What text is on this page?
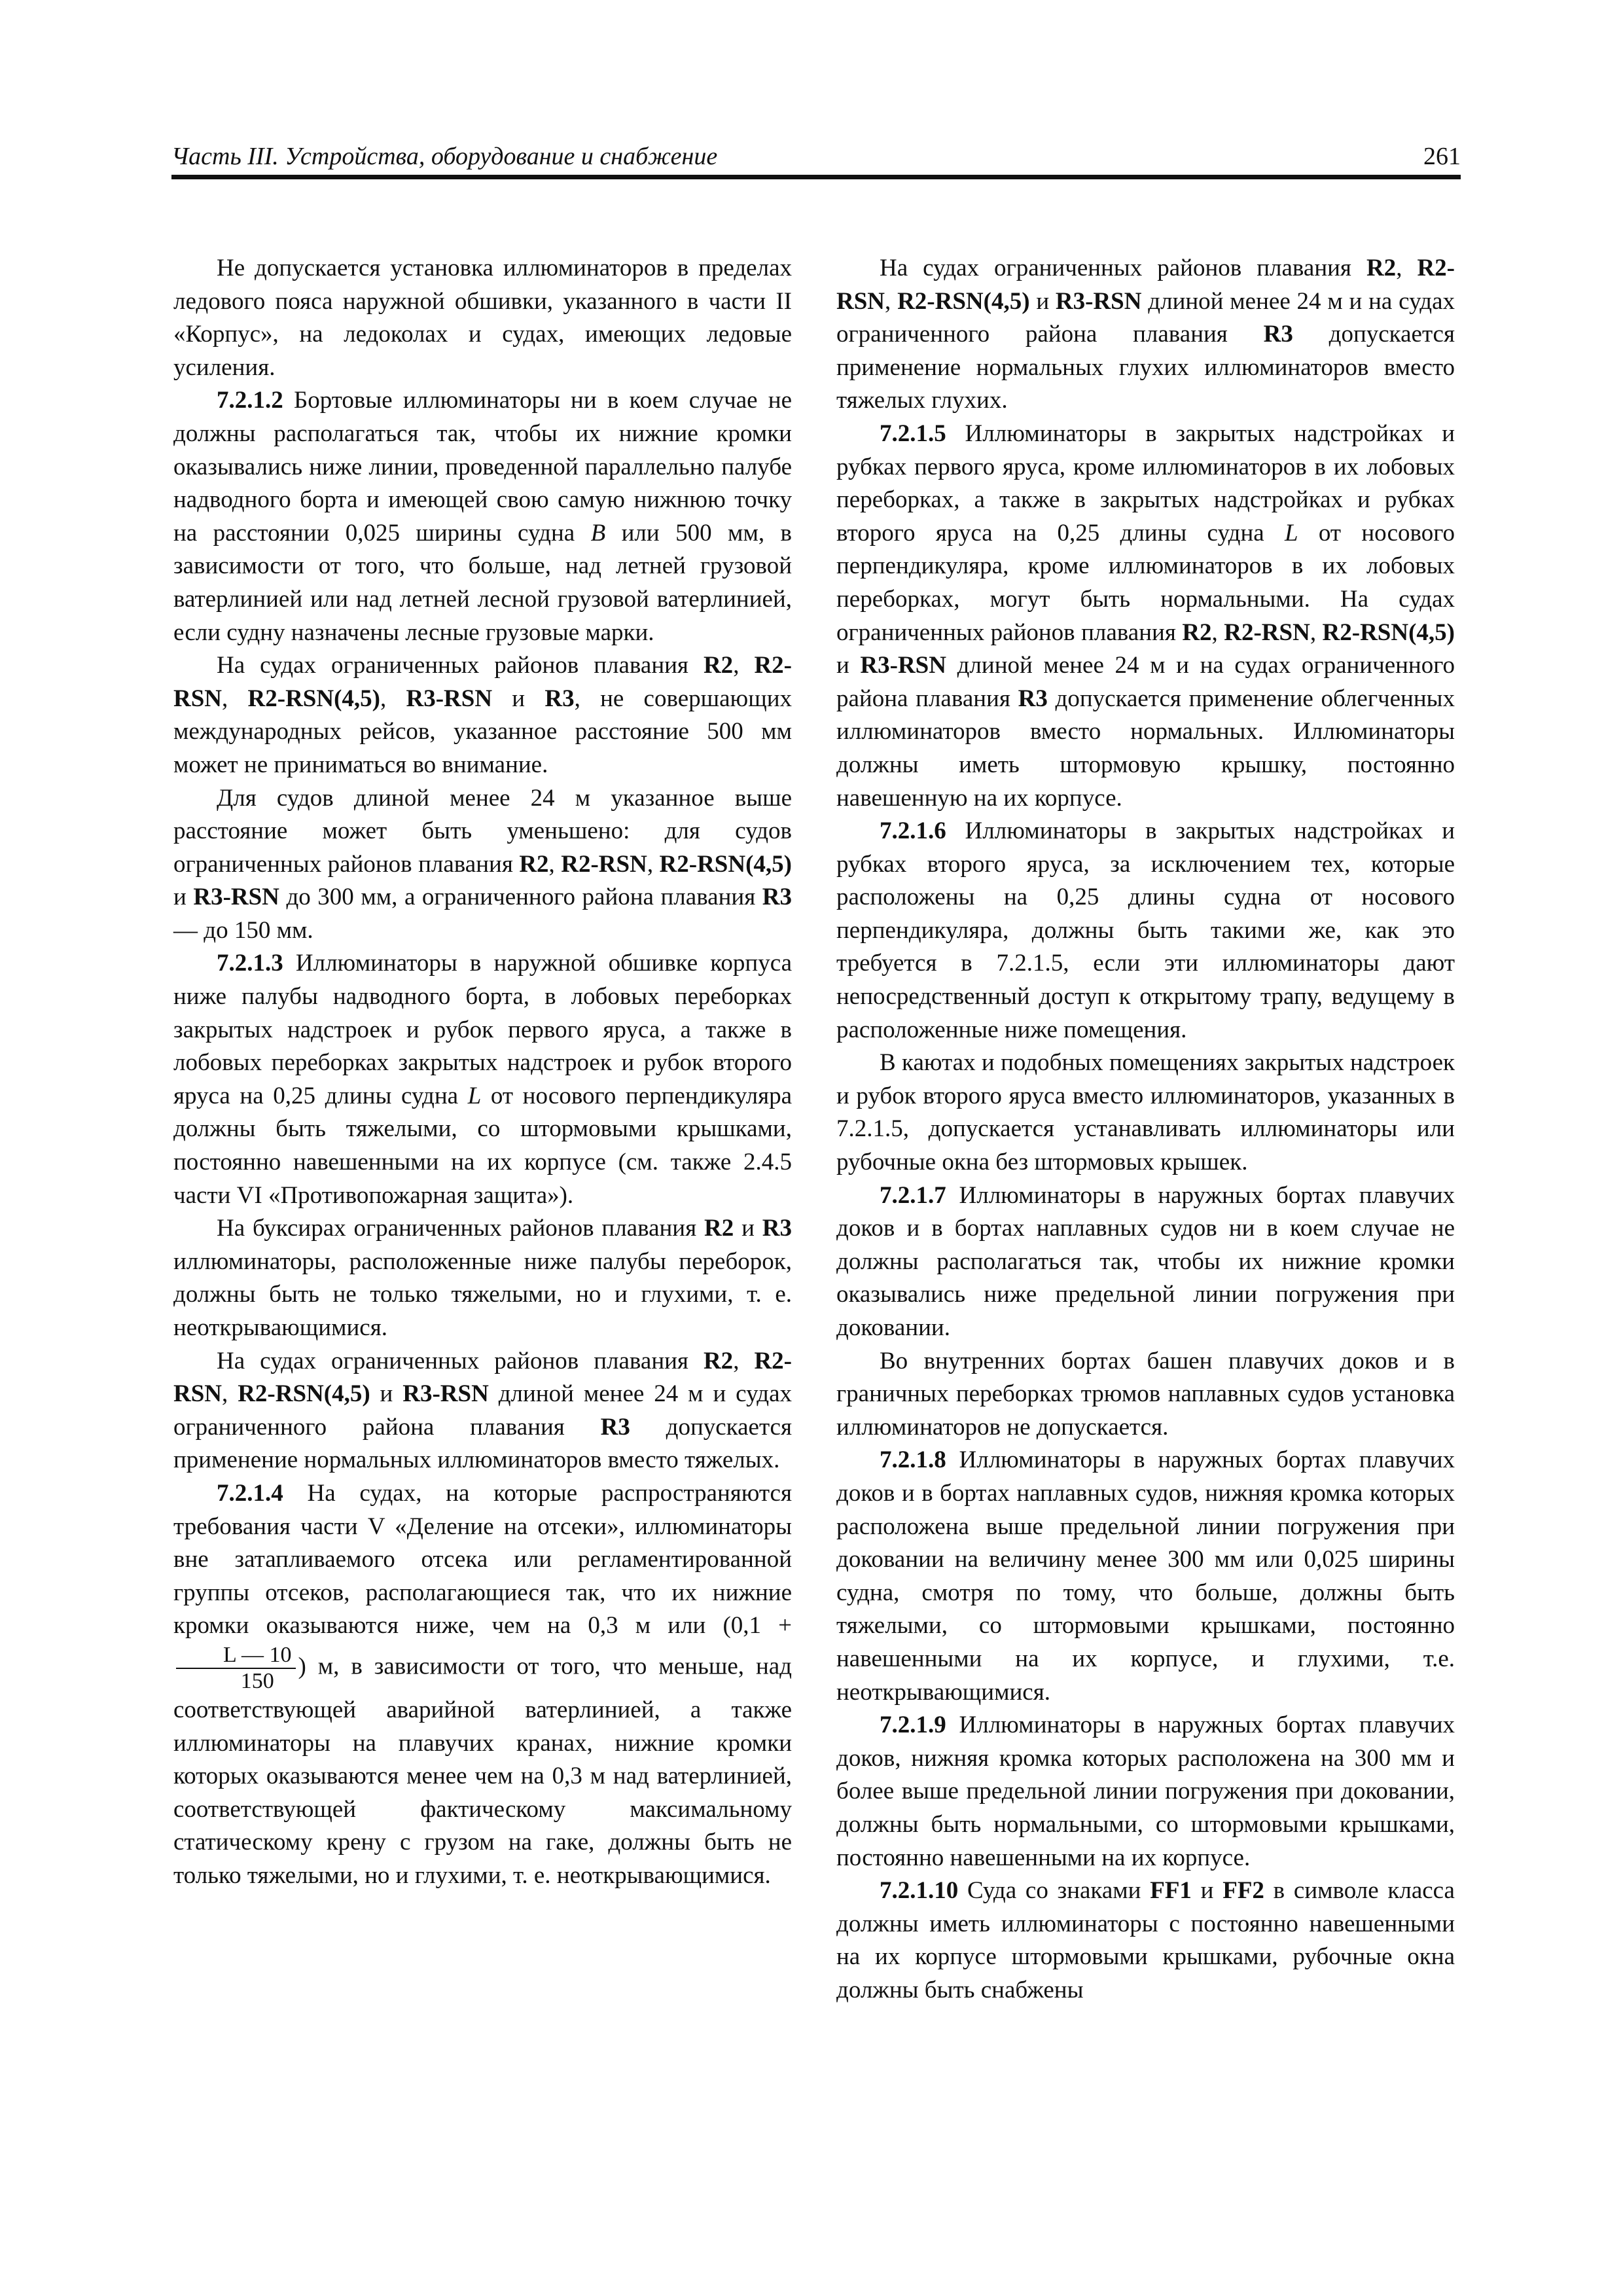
Часть III. Устройства, оборудование и снабжение	261

Не допускается установка иллюминаторов в пределах ледового пояса наружной обшивки, указанного в части II «Корпус», на ледоколах и судах, имеющих ледовые усиления.

7.2.1.2 Бортовые иллюминаторы ни в коем случае не должны располагаться так, чтобы их нижние кромки оказывались ниже линии, проведенной параллельно палубе надводного борта и имеющей свою самую нижнюю точку на расстоянии 0,025 ширины судна B или 500 мм, в зависимости от того, что больше, над летней грузовой ватерлинией или над летней лесной грузовой ватерлинией, если судну назначены лесные грузовые марки.

На судах ограниченных районов плавания R2, R2-RSN, R2-RSN(4,5), R3-RSN и R3, не совершающих международных рейсов, указанное расстояние 500 мм может не приниматься во внимание.

Для судов длиной менее 24 м указанное выше расстояние может быть уменьшено: для судов ограниченных районов плавания R2, R2-RSN, R2-RSN(4,5) и R3-RSN до 300 мм, а ограниченного района плавания R3 — до 150 мм.

7.2.1.3 Иллюминаторы в наружной обшивке корпуса ниже палубы надводного борта, в лобовых переборках закрытых надстроек и рубок первого яруса, а также в лобовых переборках закрытых надстроек и рубок второго яруса на 0,25 длины судна L от носового перпендикуляра должны быть тяжелыми, со штормовыми крышками, постоянно навешенными на их корпусе (см. также 2.4.5 части VI «Противопожарная защита»).

На буксирах ограниченных районов плавания R2 и R3 иллюминаторы, расположенные ниже палубы переборок, должны быть не только тяжелыми, но и глухими, т. е. неоткрывающимися.

На судах ограниченных районов плавания R2, R2-RSN, R2-RSN(4,5) и R3-RSN длиной менее 24 м и судах ограниченного района плавания R3 допускается применение нормальных иллюминаторов вместо тяжелых.

7.2.1.4 На судах, на которые распространяются требования части V «Деление на отсеки», иллюминаторы вне затапливаемого отсека или регламентированной группы отсеков, располагающиеся так, что их нижние кромки оказываются ниже, чем на 0,3 м или (0,1 +
$\frac{L — 10}{150}$ ) м, в зависимости от того, что меньше, над соответствующей аварийной ватерлинией, а также иллюминаторы на плавучих кранах, нижние кромки которых оказываются менее чем на 0,3 м над ватерлинией, соответствующей фактическому максимальному статическому крену с грузом на гаке, должны быть не только тяжелыми, но и глухими, т. е. неоткрывающимися.

На судах ограниченных районов плавания R2, R2-RSN, R2-RSN(4,5) и R3-RSN длиной менее 24 м и на судах ограниченного района плавания R3 допускается применение нормальных глухих иллюминаторов вместо тяжелых глухих.

7.2.1.5 Иллюминаторы в закрытых надстройках и рубках первого яруса, кроме иллюминаторов в их лобовых переборках, а также в закрытых надстройках и рубках второго яруса на 0,25 длины судна L от носового перпендикуляра, кроме иллюминаторов в их лобовых переборках, могут быть нормальными. На судах ограниченных районов плавания R2, R2-RSN, R2-RSN(4,5) и R3-RSN длиной менее 24 м и на судах ограниченного района плавания R3 допускается применение облегченных иллюминаторов вместо нормальных. Иллюминаторы должны иметь штормовую крышку, постоянно навешенную на их корпусе.

7.2.1.6 Иллюминаторы в закрытых надстройках и рубках второго яруса, за исключением тех, которые расположены на 0,25 длины судна от носового перпендикуляра, должны быть такими же, как это требуется в 7.2.1.5, если эти иллюминаторы дают непосредственный доступ к открытому трапу, ведущему в расположенные ниже помещения.

В каютах и подобных помещениях закрытых надстроек и рубок второго яруса вместо иллюминаторов, указанных в 7.2.1.5, допускается устанавливать иллюминаторы или рубочные окна без штормовых крышек.

7.2.1.7 Иллюминаторы в наружных бортах плавучих доков и в бортах наплавных судов ни в коем случае не должны располагаться так, чтобы их нижние кромки оказывались ниже предельной линии погружения при доковании.

Во внутренних бортах башен плавучих доков и в граничных переборках трюмов наплавных судов установка иллюминаторов не допускается.

7.2.1.8 Иллюминаторы в наружных бортах плавучих доков и в бортах наплавных судов, нижняя кромка которых расположена выше предельной линии погружения при доковании на величину менее 300 мм или 0,025 ширины судна, смотря по тому, что больше, должны быть тяжелыми, со штормовыми крышками, постоянно навешенными на их корпусе, и глухими, т.е. неоткрывающимися.

7.2.1.9 Иллюминаторы в наружных бортах плавучих доков, нижняя кромка которых расположена на 300 мм и более выше предельной линии погружения при доковании, должны быть нормальными, со штормовыми крышками, постоянно навешенными на их корпусе.

7.2.1.10 Суда со знаками FF1 и FF2 в символе класса должны иметь иллюминаторы с постоянно навешенными на их корпусе штормовыми крышками, рубочные окна должны быть снабжены
